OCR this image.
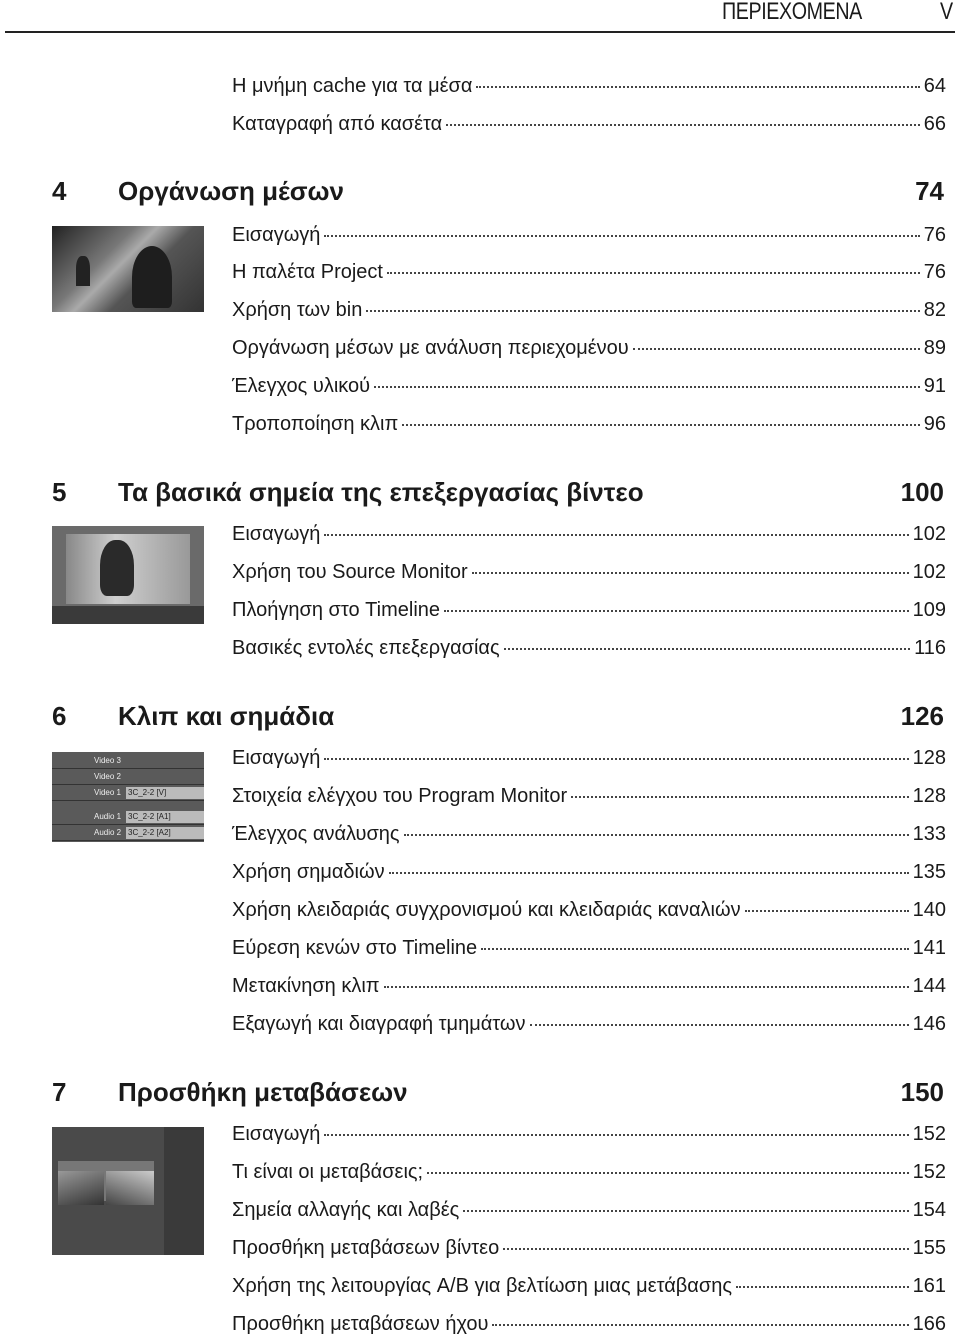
ΠΕΡΙΕΧΟΜΕΝΑ	V
Η μνήμη cache για τα μέσα	64
Καταγραφή από κασέτα	66
4	Οργάνωση μέσων	74
Εισαγωγή	76
Η παλέτα Project	76
Χρήση των bin	82
Οργάνωση μέσων με ανάλυση περιεχομένου	89
Έλεγχος υλικού	91
Τροποποίηση κλιπ	96
5	Τα βασικά σημεία της επεξεργασίας βίντεο	100
Εισαγωγή	102
Χρήση του Source Monitor	102
Πλοήγηση στο Timeline	109
Βασικές εντολές επεξεργασίας	116
6	Κλιπ και σημάδια	126
Video 3
Video 2
Video 1 3C_2-2 [V]
Audio 1 3C_2-2 [A1]
Audio 2 3C_2-2 [A2]
Εισαγωγή	128
Στοιχεία ελέγχου του Program Monitor	128
Έλεγχος ανάλυσης	133
Χρήση σημαδιών	135
Χρήση κλειδαριάς συγχρονισμού και κλειδαριάς καναλιών	140
Εύρεση κενών στο Timeline	141
Μετακίνηση κλιπ	144
Εξαγωγή και διαγραφή τμημάτων	146
7	Προσθήκη μεταβάσεων	150
Εισαγωγή	152
Τι είναι οι μεταβάσεις;	152
Σημεία αλλαγής και λαβές	154
Προσθήκη μεταβάσεων βίντεο	155
Χρήση της λειτουργίας A/B για βελτίωση μιας μετάβασης	161
Προσθήκη μεταβάσεων ήχου	166
